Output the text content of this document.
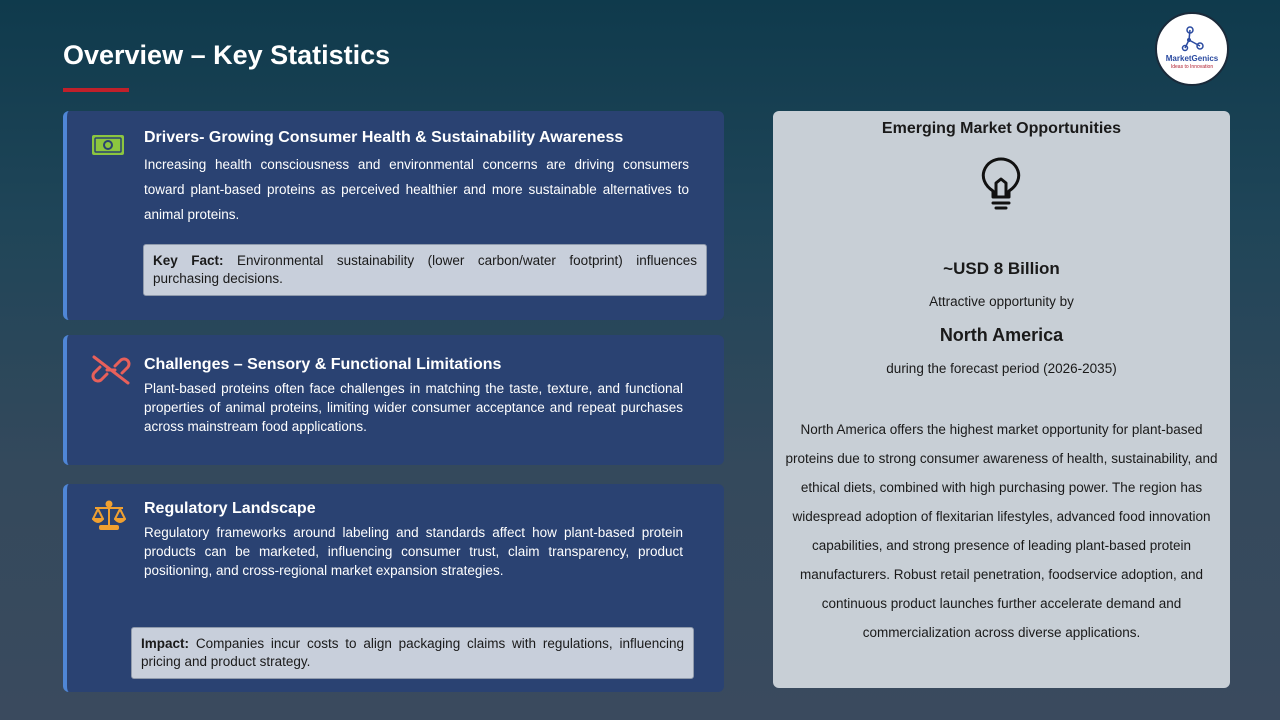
Overview – Key Statistics	MarketGenics
Ideas to Innovation
Drivers- Growing Consumer Health & Sustainability Awareness

Increasing health consciousness and environmental concerns are driving consumers toward plant-based proteins as perceived healthier and more sustainable alternatives to animal proteins.

Key Fact: Environmental sustainability (lower carbon/water footprint) influences purchasing decisions.
Challenges – Sensory & Functional Limitations

Plant-based proteins often face challenges in matching the taste, texture, and functional properties of animal proteins, limiting wider consumer acceptance and repeat purchases across mainstream food applications.

Regulatory Landscape

Regulatory frameworks around labeling and standards affect how plant-based protein products can be marketed, influencing consumer trust, claim transparency, product positioning, and cross-regional market expansion strategies.

Impact: Companies incur costs to align packaging claims with regulations, influencing pricing and product strategy.
Emerging Market Opportunities
~USD 8 Billion
Attractive opportunity by
North America
during the forecast period (2026-2035)

North America offers the highest market opportunity for plant-based proteins due to strong consumer awareness of health, sustainability, and ethical diets, combined with high purchasing power. The region has widespread adoption of flexitarian lifestyles, advanced food innovation capabilities, and strong presence of leading plant-based protein manufacturers. Robust retail penetration, foodservice adoption, and continuous product launches further accelerate demand and commercialization across diverse applications.
